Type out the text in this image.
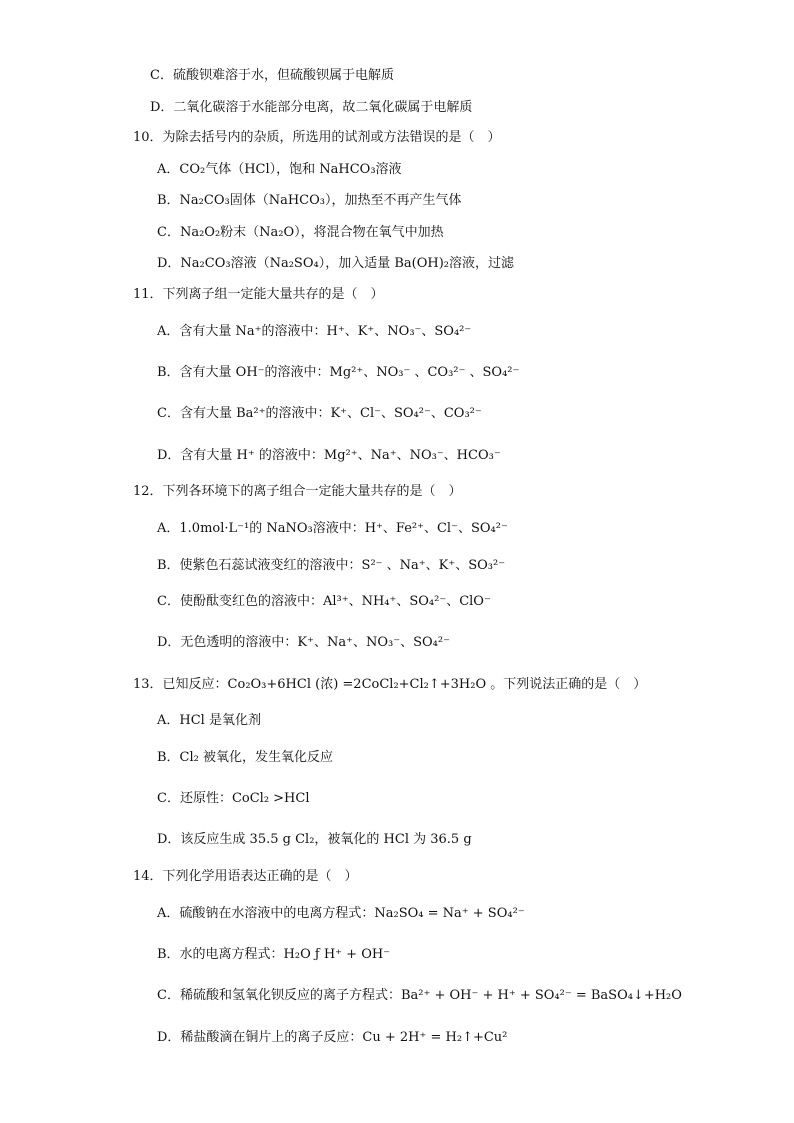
C．硫酸钡难溶于水，但硫酸钡属于电解质
D．二氧化碳溶于水能部分电离，故二氧化碳属于电解质
10．为除去括号内的杂质，所选用的试剂或方法错误的是（　）
A．CO₂气体（HCl），饱和 NaHCO₃溶液
B．Na₂CO₃固体（NaHCO₃），加热至不再产生气体
C．Na₂O₂粉末（Na₂O），将混合物在氧气中加热
D．Na₂CO₃溶液（Na₂SO₄），加入适量 Ba(OH)₂溶液，过滤
11．下列离子组一定能大量共存的是（　）
A．含有大量 Na⁺的溶液中：H⁺、K⁺、NO₃⁻、SO₄²⁻
B．含有大量 OH⁻的溶液中：Mg²⁺、NO₃⁻ 、CO₃²⁻ 、SO₄²⁻
C．含有大量 Ba²⁺的溶液中：K⁺、Cl⁻、SO₄²⁻、CO₃²⁻
D．含有大量 H⁺ 的溶液中：Mg²⁺、Na⁺、NO₃⁻、HCO₃⁻
12．下列各环境下的离子组合一定能大量共存的是（　）
A．1.0mol·L⁻¹的 NaNO₃溶液中：H⁺、Fe²⁺、Cl⁻、SO₄²⁻
B．使紫色石蕊试液变红的溶液中：S²⁻ 、Na⁺、K⁺、SO₃²⁻
C．使酚酞变红色的溶液中：Al³⁺、NH₄⁺、SO₄²⁻、ClO⁻
D．无色透明的溶液中：K⁺、Na⁺、NO₃⁻、SO₄²⁻
13．已知反应：Co₂O₃+6HCl (浓) =2CoCl₂+Cl₂↑+3H₂O 。下列说法正确的是（　）
A．HCl 是氧化剂
B．Cl₂ 被氧化，发生氧化反应
C．还原性：CoCl₂ >HCl
D．该反应生成 35.5 g Cl₂，被氧化的 HCl 为 36.5 g
14．下列化学用语表达正确的是（　）
A．硫酸钠在水溶液中的电离方程式：Na₂SO₄ = Na⁺ + SO₄²⁻
B．水的电离方程式：H₂O ƒ H⁺ + OH⁻
C．稀硫酸和氢氧化钡反应的离子方程式：Ba²⁺ + OH⁻ + H⁺ + SO₄²⁻ = BaSO₄↓+H₂O
D．稀盐酸滴在铜片上的离子反应：Cu + 2H⁺ = H₂↑+Cu²
